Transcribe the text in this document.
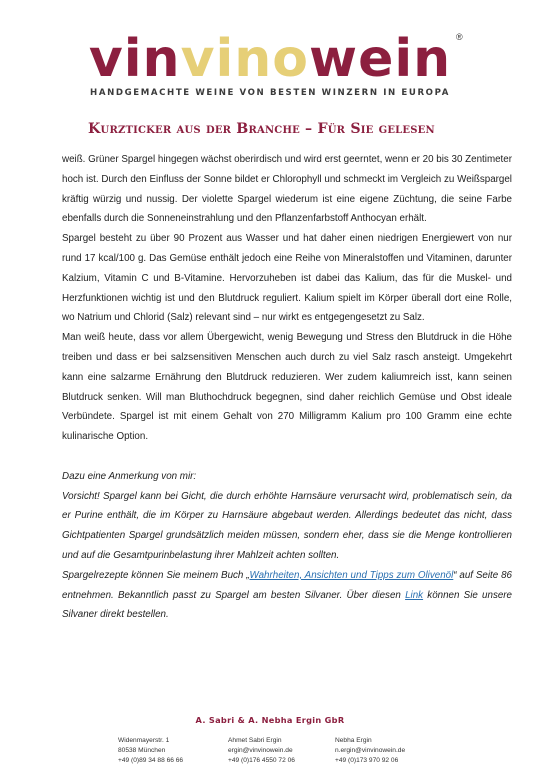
vinvinowein ®
HANDGEMACHTE WEINE VON BESTEN WINZERN IN EUROPA
Kurzticker aus der Branche – Für Sie gelesen

weiß. Grüner Spargel hingegen wächst oberirdisch und wird erst geerntet, wenn er 20 bis 30 Zentimeter hoch ist. Durch den Einfluss der Sonne bildet er Chlorophyll und schmeckt im Vergleich zu Weißspargel kräftig würzig und nussig. Der violette Spargel wiederum ist eine eigene Züchtung, die seine Farbe ebenfalls durch die Sonneneinstrahlung und den Pflanzenfarbstoff Anthocyan erhält.

Spargel besteht zu über 90 Prozent aus Wasser und hat daher einen niedrigen Energiewert von nur rund 17 kcal/100 g. Das Gemüse enthält jedoch eine Reihe von Mineralstoffen und Vitaminen, darunter Kalzium, Vitamin C und B-Vitamine. Hervorzuheben ist dabei das Kalium, das für die Muskel- und Herzfunktionen wichtig ist und den Blutdruck reguliert. Kalium spielt im Körper überall dort eine Rolle, wo Natrium und Chlorid (Salz) relevant sind – nur wirkt es entgegengesetzt zu Salz.

Man weiß heute, dass vor allem Übergewicht, wenig Bewegung und Stress den Blutdruck in die Höhe treiben und dass er bei salzsensitiven Menschen auch durch zu viel Salz rasch ansteigt. Umgekehrt kann eine salzarme Ernährung den Blutdruck reduzieren. Wer zudem kaliumreich isst, kann seinen Blutdruck senken. Will man Bluthochdruck begegnen, sind daher reichlich Gemüse und Obst ideale Verbündete. Spargel ist mit einem Gehalt von 270 Milligramm Kalium pro 100 Gramm eine echte kulinarische Option.

Dazu eine Anmerkung von mir:

Vorsicht! Spargel kann bei Gicht, die durch erhöhte Harnsäure verursacht wird, problematisch sein, da er Purine enthält, die im Körper zu Harnsäure abgebaut werden. Allerdings bedeutet das nicht, dass Gichtpatienten Spargel grundsätzlich meiden müssen, sondern eher, dass sie die Menge kontrollieren und auf die Gesamtpurinbelastung ihrer Mahlzeit achten sollten.

Spargelrezepte können Sie meinem Buch „Wahrheiten, Ansichten und Tipps zum Olivenöl“ auf Seite 86 entnehmen. Bekanntlich passt zu Spargel am besten Silvaner. Über diesen Link können Sie unsere Silvaner direkt bestellen.

A. Sabri & A. Nebha Ergin GbR
Widenmayerstr. 1
80538 München
+49 (0)89 34 88 66 66
Ahmet Sabri Ergin
ergin@vinvinowein.de
+49 (0)176 4550 72 06
Nebha Ergin
n.ergin@vinvinowein.de
+49 (0)173 970 92 06
